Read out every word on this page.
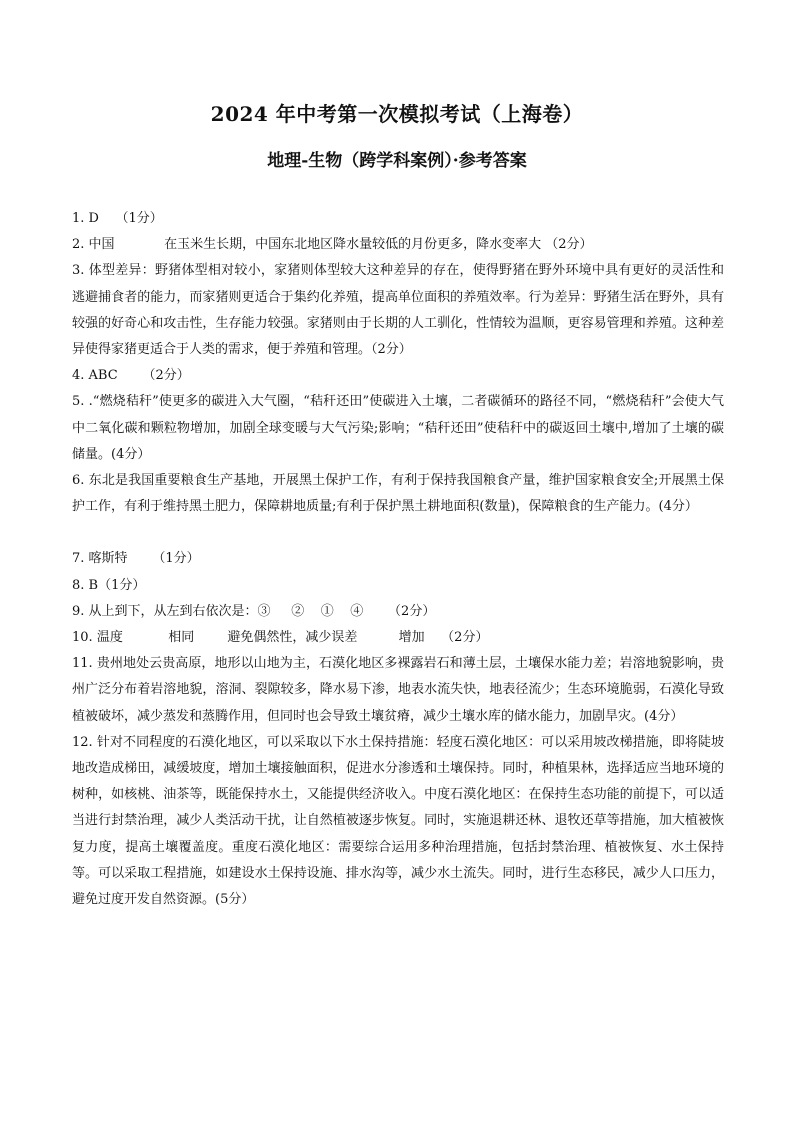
2024 年中考第一次模拟考试（上海卷）
地理-生物（跨学科案例）·参考答案

1. D    （1分）

2. 中国            在玉米生长期，中国东北地区降水量较低的月份更多，降水变率大 （2分）

3. 体型差异：野猪体型相对较小，家猪则体型较大这种差异的存在，使得野猪在野外环境中具有更好的灵活性和逃避捕食者的能力，而家猪则更适合于集约化养殖，提高单位面积的养殖效率。行为差异：野猪生活在野外，具有较强的好奇心和攻击性，生存能力较强。家猪则由于长期的人工驯化，性情较为温顺，更容易管理和养殖。这种差异使得家猪更适合于人类的需求，便于养殖和管理。（2分）

4. ABC      （2分）

5. .“燃烧秸秆”使更多的碳进入大气圈，“秸秆还田”使碳进入土壤，二者碳循环的路径不同，“燃烧秸秆”会使大气中二氧化碳和颗粒物增加，加剧全球变暖与大气污染;影响；“秸秆还田”使秸秆中的碳返回土壤中,增加了土壤的碳储量。(4分）

6. 东北是我国重要粮食生产基地，开展黑土保护工作，有利于保持我国粮食产量，维护国家粮食安全;开展黑土保护工作，有利于维持黑土肥力，保障耕地质量;有利于保护黑土耕地面积(数量)，保障粮食的生产能力。(4分）

7. 喀斯特      （1分）

8. B（1分）

9. 从上到下，从左到右依次是：③     ②    ①    ④      （2分）

10. 温度           相同        避免偶然性，减少误差          增加    （2分）

11. 贵州地处云贵高原，地形以山地为主，石漠化地区多裸露岩石和薄土层，土壤保水能力差；岩溶地貌影响，贵州广泛分布着岩溶地貌，溶洞、裂隙较多，降水易下渗，地表水流失快，地表径流少；生态环境脆弱，石漠化导致植被破坏，减少蒸发和蒸腾作用，但同时也会导致土壤贫瘠，减少土壤水库的储水能力，加剧旱灾。(4分）

12. 针对不同程度的石漠化地区，可以采取以下水土保持措施：轻度石漠化地区：可以采用坡改梯措施，即将陡坡地改造成梯田，减缓坡度，增加土壤接触面积，促进水分渗透和土壤保持。同时，种植果林，选择适应当地环境的树种，如核桃、油茶等，既能保持水土，又能提供经济收入。中度石漠化地区：在保持生态功能的前提下，可以适当进行封禁治理，减少人类活动干扰，让自然植被逐步恢复。同时，实施退耕还林、退牧还草等措施，加大植被恢复力度，提高土壤覆盖度。重度石漠化地区：需要综合运用多种治理措施，包括封禁治理、植被恢复、水土保持等。可以采取工程措施，如建设水土保持设施、排水沟等，减少水土流失。同时，进行生态移民，减少人口压力，避免过度开发自然资源。(5分）
